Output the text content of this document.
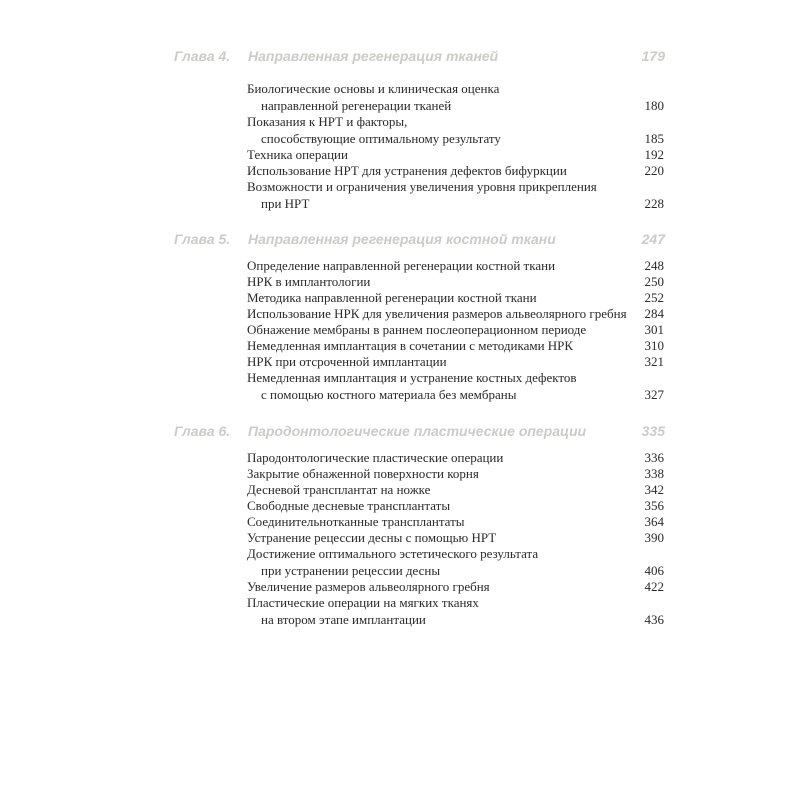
Глава 4. Направленная регенерация тканей	179
Биологические основы и клиническая оценка
направленной регенерации тканей	180
Показания к НРТ и факторы,
способствующие оптимальному результату	185
Техника операции	192
Использование НРТ для устранения дефектов бифуркции	220
Возможности и ограничения увеличения уровня прикрепления
при НРТ	228
Глава 5. Направленная регенерация костной ткани	247
Определение направленной регенерации костной ткани	248
НРК в имплантологии	250
Методика направленной регенерации костной ткани	252
Использование НРК для увеличения размеров альвеолярного гребня 284
Обнажение мембраны в раннем послеоперационном периоде	301
Немедленная имплантация в сочетании с методиками НРК	310
НРК при отсроченной имплантации	321
Немедленная имплантация и устранение костных дефектов
с помощью костного материала без мембраны	327
Глава 6. Пародонтологические пластические операции	335
Пародонтологические пластические операции	336
Закрытие обнаженной поверхности корня	338
Десневой трансплантат на ножке	342
Свободные десневые трансплантаты	356
Соединительнотканные трансплантаты	364
Устранение рецессии десны с помощью НРТ	390
Достижение оптимального эстетического результата
при устранении рецессии десны	406
Увеличение размеров альвеолярного гребня	422
Пластические операции на мягких тканях
на втором этапе имплантации	436
